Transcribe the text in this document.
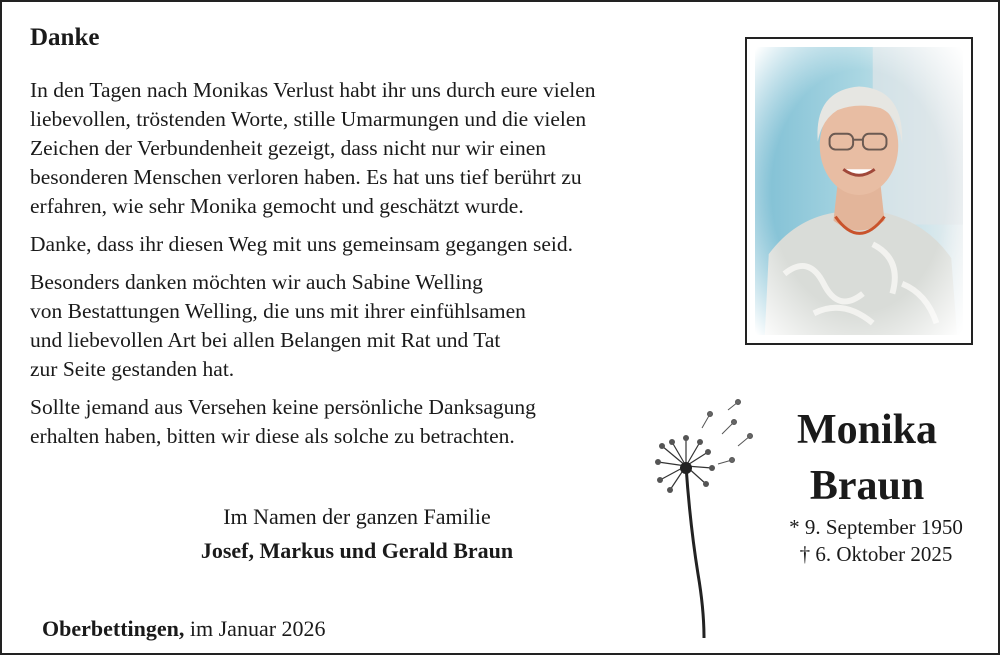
Danke

In den Tagen nach Monikas Verlust habt ihr uns durch eure vielen
liebevollen, tröstenden Worte, stille Umarmungen und die vielen
Zeichen der Verbundenheit gezeigt, dass nicht nur wir einen
besonderen Menschen verloren haben. Es hat uns tief berührt zu
erfahren, wie sehr Monika gemocht und geschätzt wurde.

Danke, dass ihr diesen Weg mit uns gemeinsam gegangen seid.

Besonders danken möchten wir auch Sabine Welling
von Bestattungen Welling, die uns mit ihrer einfühlsamen
und liebevollen Art bei allen Belangen mit Rat und Tat
zur Seite gestanden hat.

Sollte jemand aus Versehen keine persönliche Danksagung
erhalten haben, bitten wir diese als solche zu betrachten.	Monika
Braun
* 9. September 1950
† 6. Oktober 2025
Im Namen der ganzen Familie
Josef, Markus und Gerald Braun
Oberbettingen, im Januar 2026
